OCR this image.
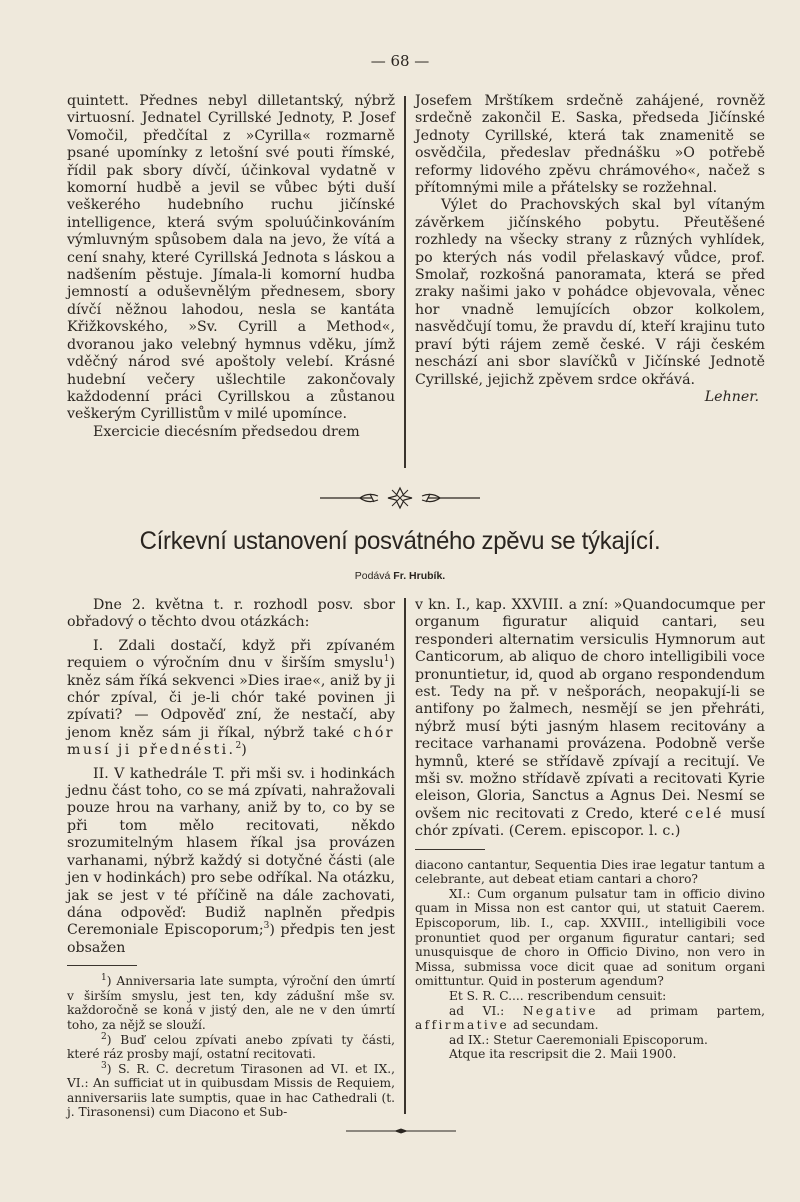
— 68 —

quintett. Přednes nebyl dilletantský, nýbrž virtuosní. Jednatel Cyrillské Jednoty, P. Josef Vomočil, předčítal z »Cyrilla« rozmarně psané upomínky z letošní své pouti římské, řídil pak sbory dívčí, účinkoval vydatně v komorní hudbě a jevil se vůbec býti duší veškerého hudebního ruchu jičínské intelligence, která svým spoluúčinkováním výmluvným spůsobem dala na jevo, že vítá a cení snahy, které Cyrillská Jednota s láskou a nadšením pěstuje. Jímala-li komorní hudba jemností a oduševnělým přednesem, sbory dívčí něžnou lahodou, nesla se kantáta Křižkovského, »Sv. Cyrill a Method«, dvoranou jako velebný hymnus vděku, jímž vděčný národ své apoštoly velebí. Krásné hudební večery ušlechtile zakončovaly každodenní práci Cyrillskou a zůstanou veškerým Cyrillistům v milé upomínce.

Exercicie diecésním předsedou drem

Josefem Mrštíkem srdečně zahájené, rovněž srdečně zakončil E. Saska, předseda Jičínské Jednoty Cyrillské, která tak znamenitě se osvědčila, předeslav přednášku »O potřebě reformy lidového zpěvu chrámového«, načež s přítomnými mile a přátelsky se rozžehnal.

Výlet do Prachovských skal byl vítaným závěrkem jičínského pobytu. Přeutěšené rozhledy na všecky strany z různých vyhlídek, po kterých nás vodil přelaskavý vůdce, prof. Smolař, rozkošná panoramata, která se před zraky našimi jako v pohádce objevovala, věnec hor vnadně lemujících obzor kolkolem, nasvědčují tomu, že pravdu dí, kteří krajinu tuto praví býti rájem země české. V ráji českém neschází ani sbor slavíčků v Jičínské Jednotě Cyrillské, jejichž zpěvem srdce okřává.

Lehner.

Církevní ustanovení posvátného zpěvu se týkající.
Podává Fr. Hrubík.

Dne 2. května t. r. rozhodl posv. sbor obřadový o těchto dvou otázkách:

I. Zdali dostačí, když při zpívaném requiem o výročním dnu v širším smyslu$^1$) kněz sám říká sekvenci »Dies irae«, aniž by ji chór zpíval, či je-li chór také povinen ji zpívati? — Odpověď zní, že nestačí, aby jenom kněz sám ji říkal, nýbrž také chór musí ji přednésti.$^2$)

II. V kathedrále T. při mši sv. i hodinkách jednu část toho, co se má zpívati, nahražovali pouze hrou na varhany, aniž by to, co by se při tom mělo recitovati, někdo srozumitelným hlasem říkal jsa provázen varhanami, nýbrž každý si dotyčné části (ale jen v hodinkách) pro sebe odříkal. Na otázku, jak se jest v té příčině na dále zachovati, dána odpověď: Budiž naplněn předpis Ceremoniale Episcoporum;$^3$) předpis ten jest obsažen

$^1$) Anniversaria late sumpta, výroční den úmrtí v širším smyslu, jest ten, kdy zádušní mše sv. každoročně se koná v jistý den, ale ne v den úmrtí toho, za nějž se slouží.

$^2$) Buď celou zpívati anebo zpívati ty části, které ráz prosby mají, ostatní recitovati.

$^3$) S. R. C. decretum Tirasonen ad VI. et IX., VI.: An sufficiat ut in quibusdam Missis de Requiem, anniversariis late sumptis, quae in hac Cathedrali (t. j. Tirasonensi) cum Diacono et Sub-

v kn. I., kap. XXVIII. a zní: »Quandocumque per organum figuratur aliquid cantari, seu responderi alternatim versiculis Hymnorum aut Canticorum, ab aliquo de choro intelligibili voce pronuntietur, id, quod ab organo respondendum est. Tedy na př. v nešporách, neopakují-li se antifony po žalmech, nesmějí se jen přehráti, nýbrž musí býti jasným hlasem recitovány a recitace varhanami provázena. Podobně verše hymnů, které se střídavě zpívají a recitují. Ve mši sv. možno střídavě zpívati a recitovati Kyrie eleison, Gloria, Sanctus a Agnus Dei. Nesmí se ovšem nic recitovati z Credo, které celé musí chór zpívati. (Cerem. episcopor. l. c.)

diacono cantantur, Sequentia Dies irae legatur tantum a celebrante, aut debeat etiam cantari a choro?

XI.: Cum organum pulsatur tam in officio divino quam in Missa non est cantor qui, ut statuit Caerem. Episcoporum, lib. I., cap. XXVIII., intelligibili voce pronuntiet quod per organum figuratur cantari; sed unusquisque de choro in Officio Divino, non vero in Missa, submissa voce dicit quae ad sonitum organi omittuntur. Quid in posterum agendum?

Et S. R. C.... rescribendum censuit:

ad VI.: Negative ad primam partem, affirmative ad secundam.

ad IX.: Stetur Caeremoniali Episcoporum.

Atque ita rescripsit die 2. Maii 1900.
